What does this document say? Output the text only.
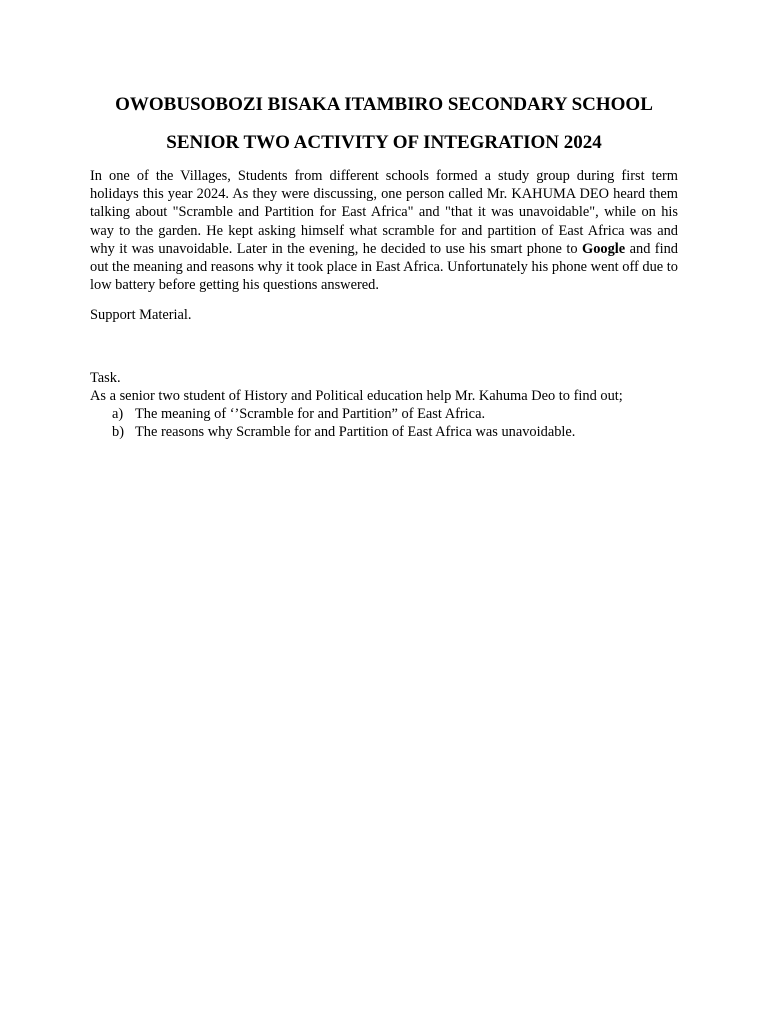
OWOBUSOBOZI BISAKA ITAMBIRO SECONDARY SCHOOL
SENIOR TWO ACTIVITY OF INTEGRATION 2024

In one of the Villages, Students from different schools formed a study group during first term holidays this year 2024. As they were discussing, one person called Mr. KAHUMA DEO heard them talking about "Scramble and Partition for East Africa" and "that it was unavoidable", while on his way to the garden. He kept asking himself what scramble for and partition of East Africa was and why it was unavoidable. Later in the evening, he decided to use his smart phone to Google and find out the meaning and reasons why it took place in East Africa. Unfortunately his phone went off due to low battery before getting his questions answered.

Support Material.
Task.
As a senior two student of History and Political education help Mr. Kahuma Deo to find out;
a) The meaning of ‘’Scramble for and Partition” of East Africa.
b) The reasons why Scramble for and Partition of East Africa was unavoidable.
